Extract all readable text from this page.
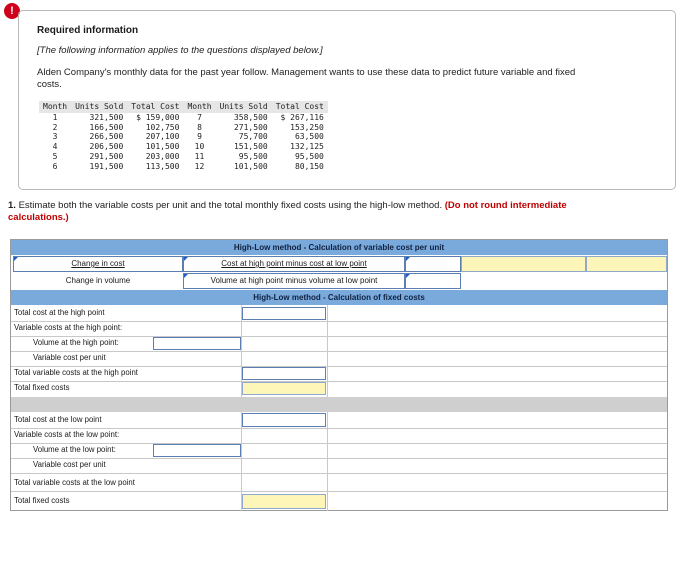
!
Required information
[The following information applies to the questions displayed below.]
Alden Company's monthly data for the past year follow. Management wants to use these data to predict future variable and fixed costs.
Month	Units Sold	Total Cost	Month	Units Sold	Total Cost
1	321,500	$ 159,000	7	358,500	$ 267,116
2	166,500	102,750	8	271,500	153,250
3	266,500	207,100	9	75,700	63,500
4	206,500	101,500	10	151,500	132,125
5	291,500	203,000	11	95,500	95,500
6	191,500	113,500	12	101,500	80,150
1. Estimate both the variable costs per unit and the total monthly fixed costs using the high-low method. (Do not round intermediate calculations.)
High-Low method - Calculation of variable cost per unit
Change in cost	Cost at high point minus cost at low point
Change in volume	Volume at high point minus volume at low point
High-Low method - Calculation of fixed costs
Total cost at the high point
Variable costs at the high point:
Volume at the high point:
Variable cost per unit
Total variable costs at the high point
Total fixed costs
Total cost at the low point
Variable costs at the low point:
Volume at the low point:
Variable cost per unit
Total variable costs at the low point
Total fixed costs
